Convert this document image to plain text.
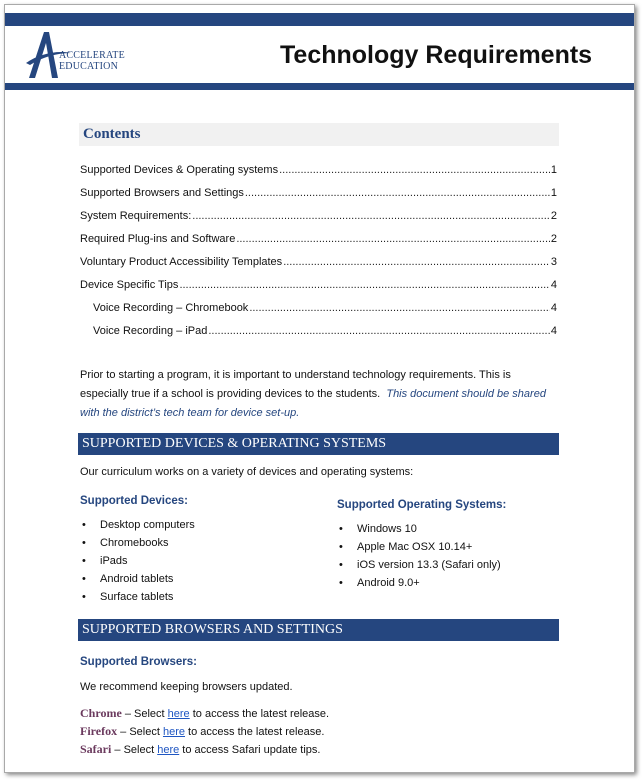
ACCELERATE
EDUCATION	Technology Requirements
Contents
Supported Devices & Operating systems .....	1
Supported Browsers and Settings .....	1
System Requirements: .....	2
Required Plug-ins and Software .....	2
Voluntary Product Accessibility Templates .....	3
Device Specific Tips .....	4
Voice Recording – Chromebook .....	4
Voice Recording – iPad .....	4
Prior to starting a program, it is important to understand technology requirements. This is especially true if a school is providing devices to the students. This document should be shared with the district’s tech team for device set-up.
SUPPORTED DEVICES & OPERATING SYSTEMS
Our curriculum works on a variety of devices and operating systems:
Supported Devices:
• Desktop computers
• Chromebooks
• iPads
• Android tablets
• Surface tablets
Supported Operating Systems:
• Windows 10
• Apple Mac OSX 10.14+
• iOS version 13.3 (Safari only)
• Android 9.0+
SUPPORTED BROWSERS AND SETTINGS
Supported Browsers:
We recommend keeping browsers updated.
Chrome – Select here to access the latest release.
Firefox – Select here to access the latest release.
Safari – Select here to access Safari update tips.
